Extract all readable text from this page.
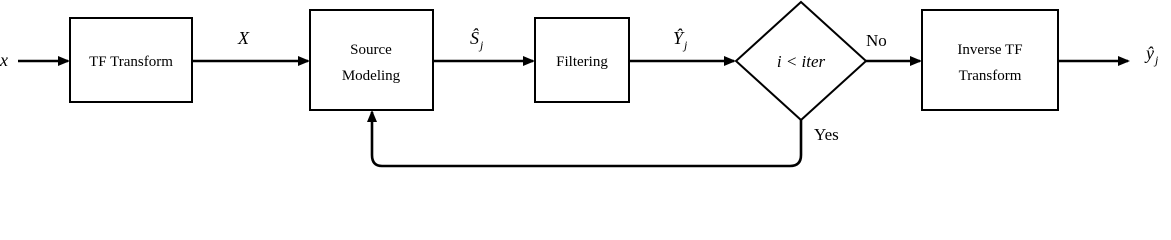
x	TF Transform
X
Source
Modeling
$Ŝ_j$
Filtering
$Ŷ_j$
i < iter
No	Inverse TF
Transform
$ŷ_j$
Yes
